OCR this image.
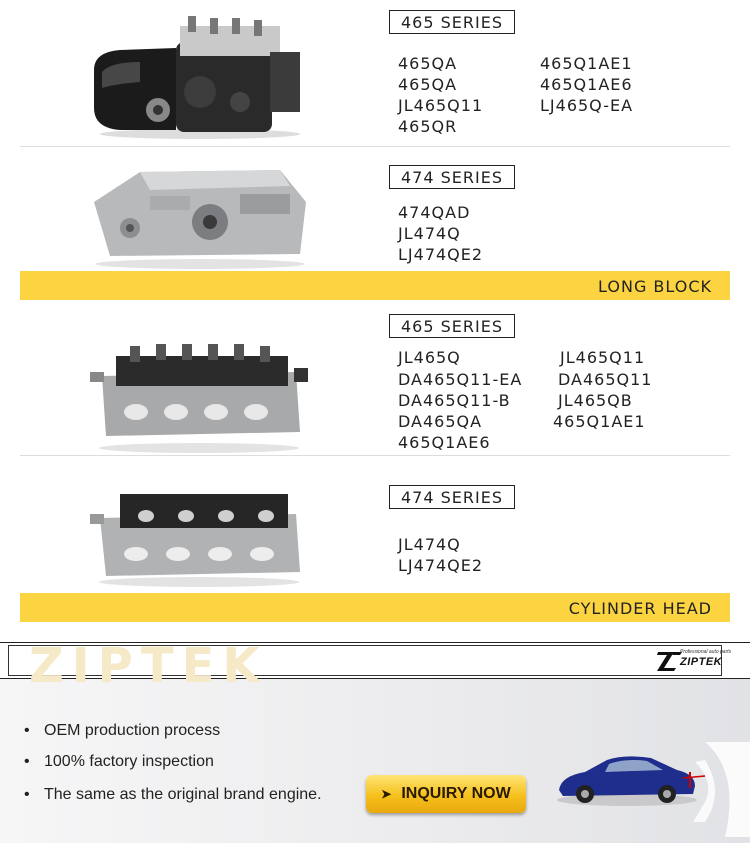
465 SERIES
465QA
465QA
JL465Q11
465QR
465Q1AE1
465Q1AE6
LJ465Q-EA
474 SERIES
474QAD
JL474Q
LJ474QE2
LONG BLOCK
465 SERIES
JL465Q
DA465Q11-EA
DA465Q11-B
DA465QA
465Q1AE6
JL465Q11
DA465Q11
JL465QB
465Q1AE1
474 SERIES
JL474Q
LJ474QE2
CYLINDER HEAD
ZIPTEK	Professional auto parts
ZIPTEK
• OEM production process
• 100% factory inspection
• The same as the original brand engine.	➤ INQUIRY NOW
